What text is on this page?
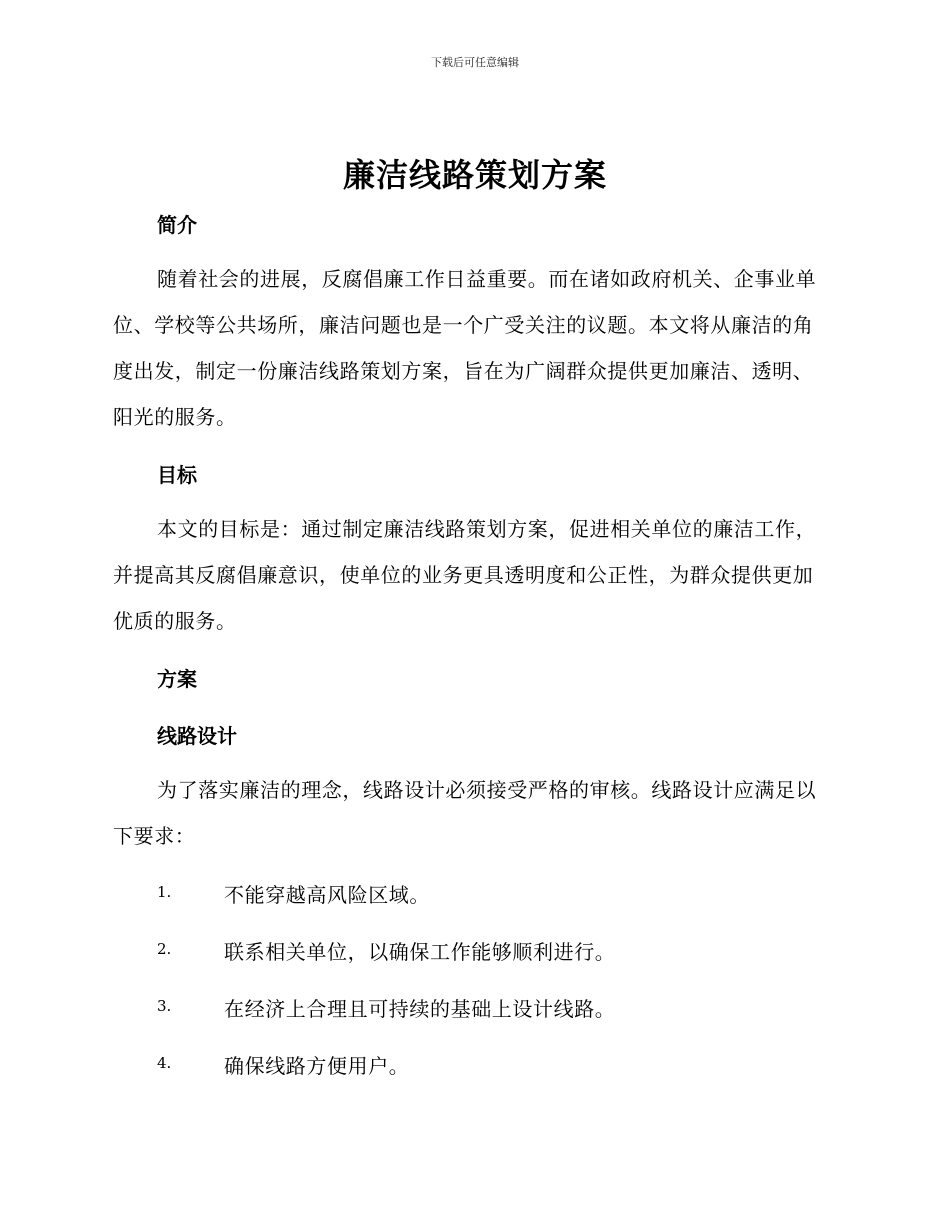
下载后可任意编辑
廉洁线路策划方案
简介
随着社会的进展，反腐倡廉工作日益重要。而在诸如政府机关、企事业单位、学校等公共场所，廉洁问题也是一个广受关注的议题。本文将从廉洁的角度出发，制定一份廉洁线路策划方案，旨在为广阔群众提供更加廉洁、透明、阳光的服务。
目标
本文的目标是：通过制定廉洁线路策划方案，促进相关单位的廉洁工作，并提高其反腐倡廉意识，使单位的业务更具透明度和公正性，为群众提供更加优质的服务。
方案
线路设计
为了落实廉洁的理念，线路设计必须接受严格的审核。线路设计应满足以下要求：
1.	不能穿越高风险区域。
2.	联系相关单位，以确保工作能够顺利进行。
3.	在经济上合理且可持续的基础上设计线路。
4.	确保线路方便用户。
